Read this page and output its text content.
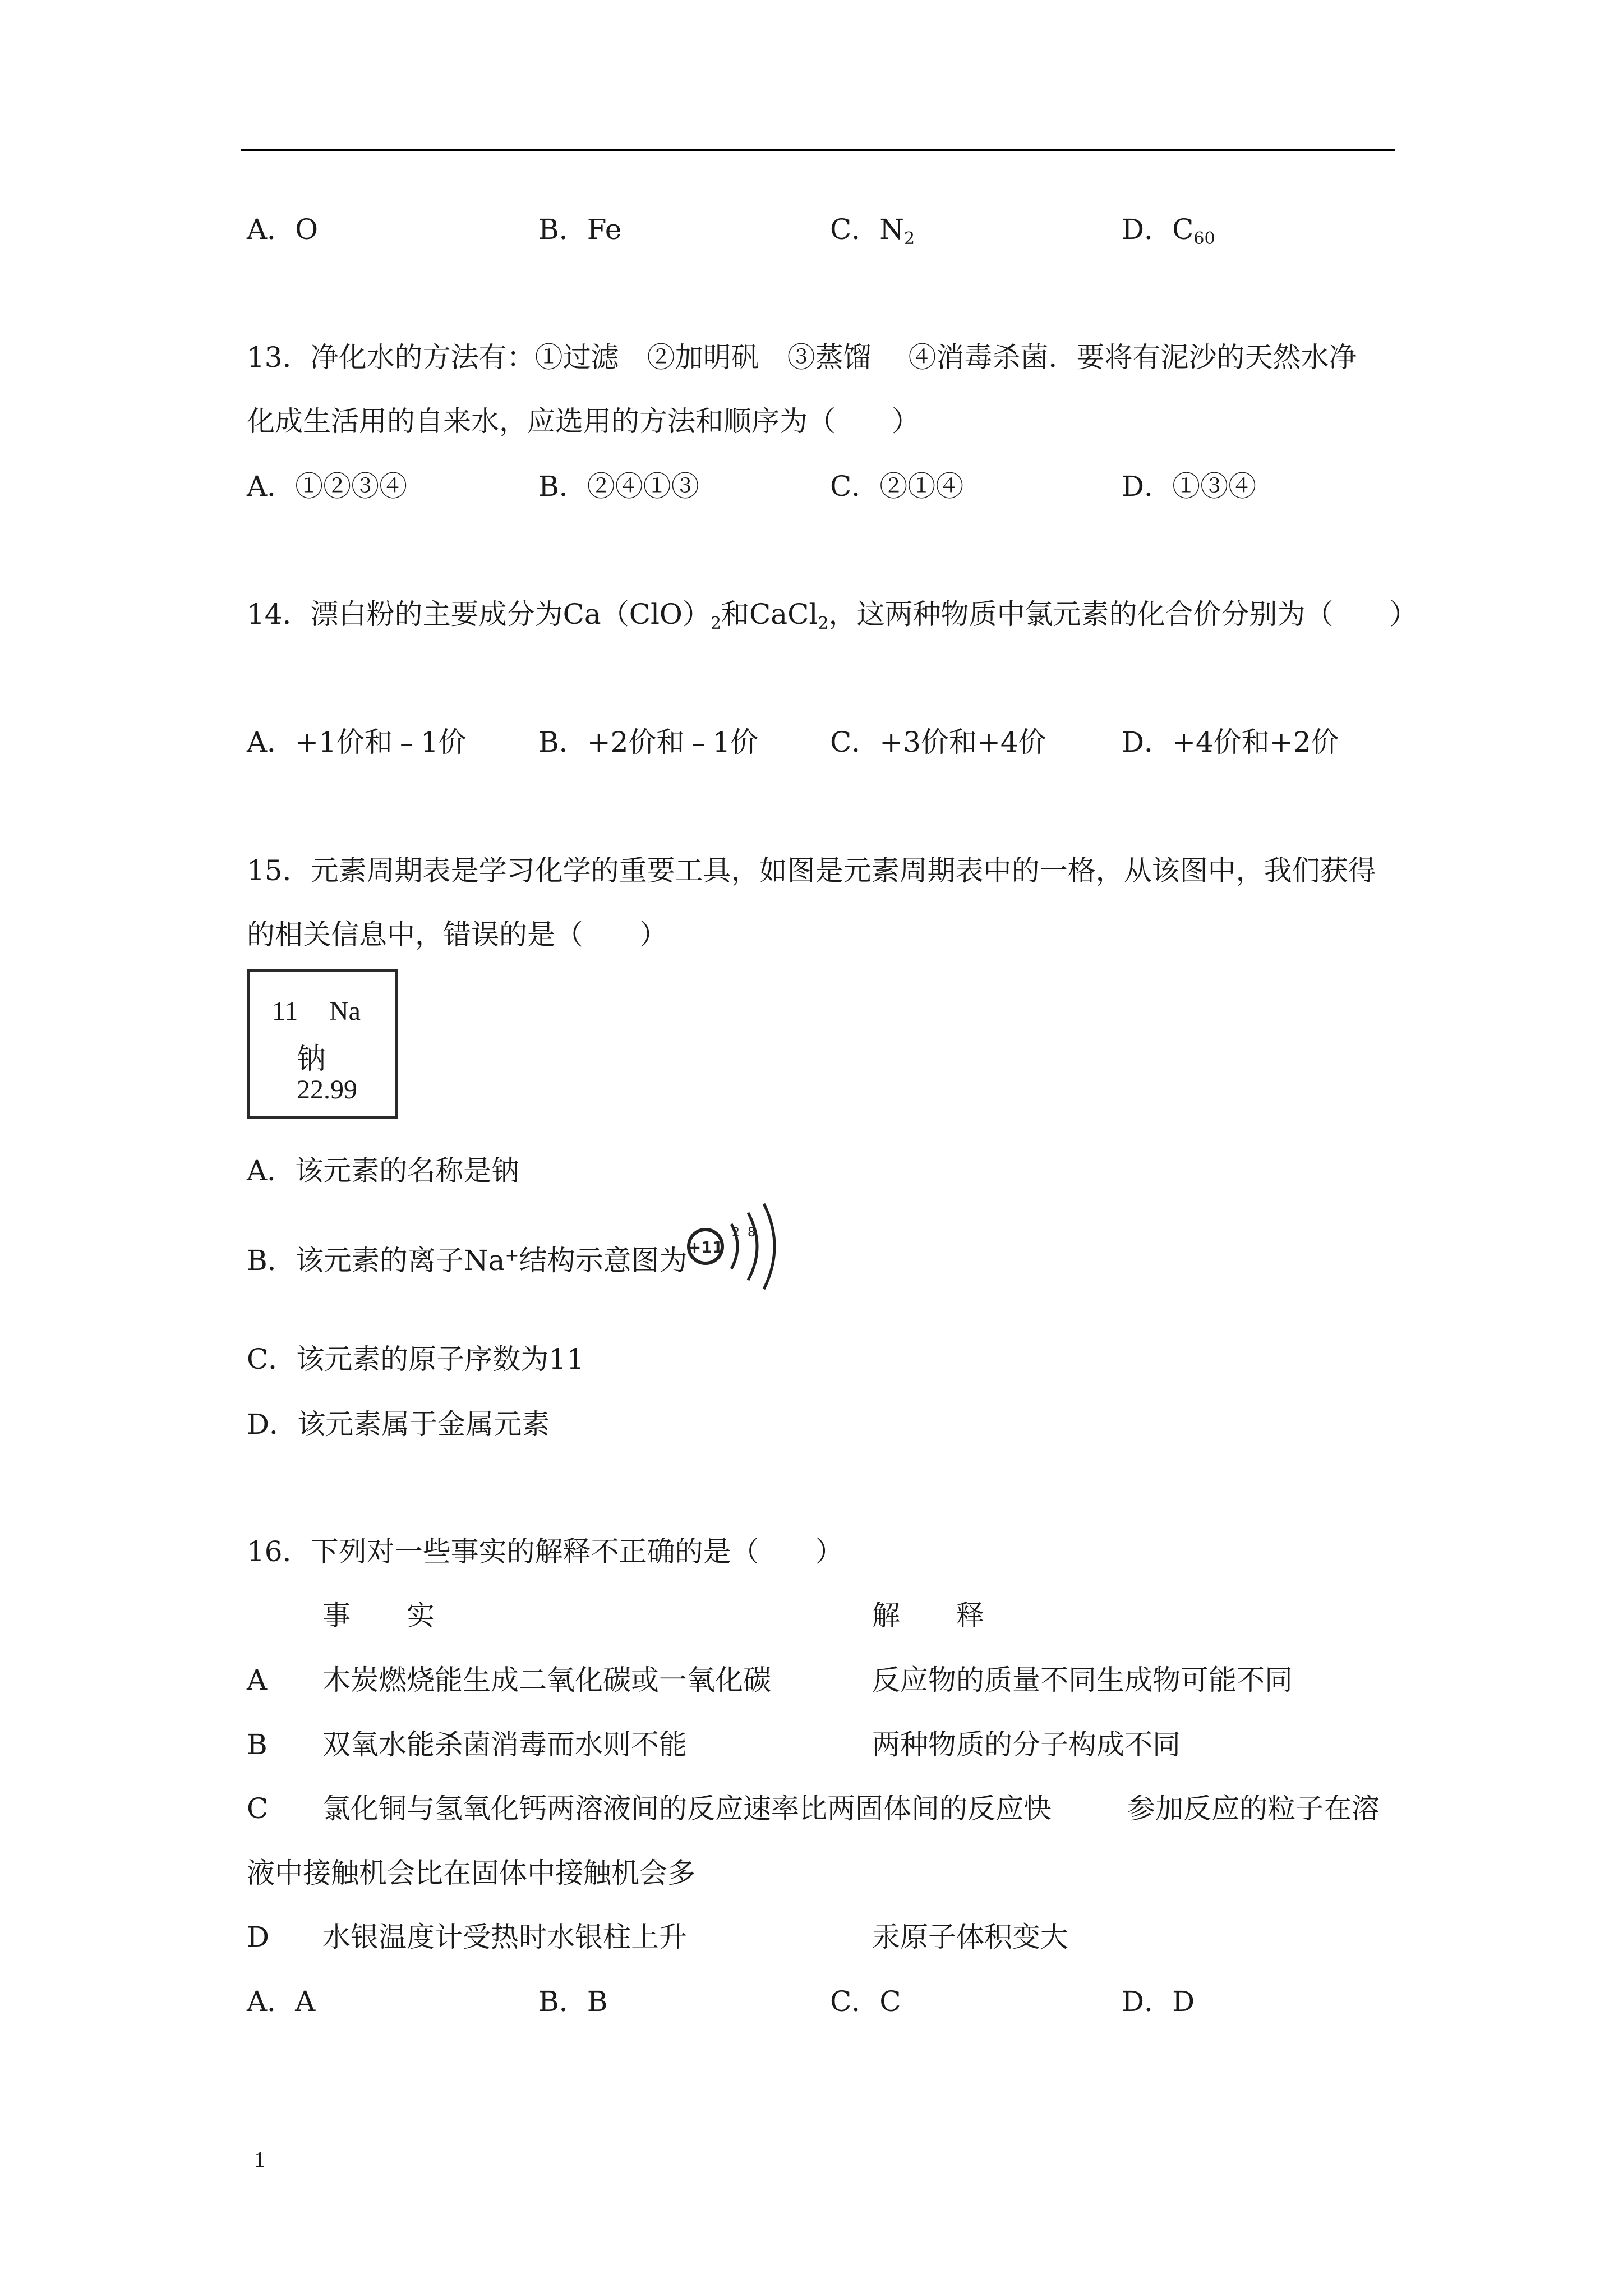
A．O	B．Fe	C．$N_2$	D．$C_{60}$
13．净化水的方法有：①过滤　②加明矾　③蒸馏　 ④消毒杀菌．要将有泥沙的天然水净
化成生活用的自来水，应选用的方法和顺序为（　　）
A．①②③④	B．②④①③	C．②①④	D．①③④
14．漂白粉的主要成分为$Ca(ClO)_2$和CaCl$_2$，这两种物质中氯元素的化合价分别为（　　）
A．+1价和﹣1价	B．+2价和﹣1价	C．+3价和+4价	D．+4价和+2价
15．元素周期表是学习化学的重要工具，如图是元素周期表中的一格，从该图中，我们获得
的相关信息中，错误的是（　　）
11 Na
钠
22.99
A．该元素的名称是钠
B．该元素的离子Na+结构示意图为 +11
2 8
C．该元素的原子序数为11
D．该元素属于金属元素
16．下列对一些事实的解释不正确的是（　　）
事　　实	解　　释
A 木炭燃烧能生成二氧化碳或一氧化碳	反应物的质量不同生成物可能不同
B 双氧水能杀菌消毒而水则不能	两种物质的分子构成不同
C 氯化铜与氢氧化钙两溶液间的反应速率比两固体间的反应快	参加反应的粒子在溶
液中接触机会比在固体中接触机会多
D 水银温度计受热时水银柱上升	汞原子体积变大
A．A	B．B	C．C	D．D
1
